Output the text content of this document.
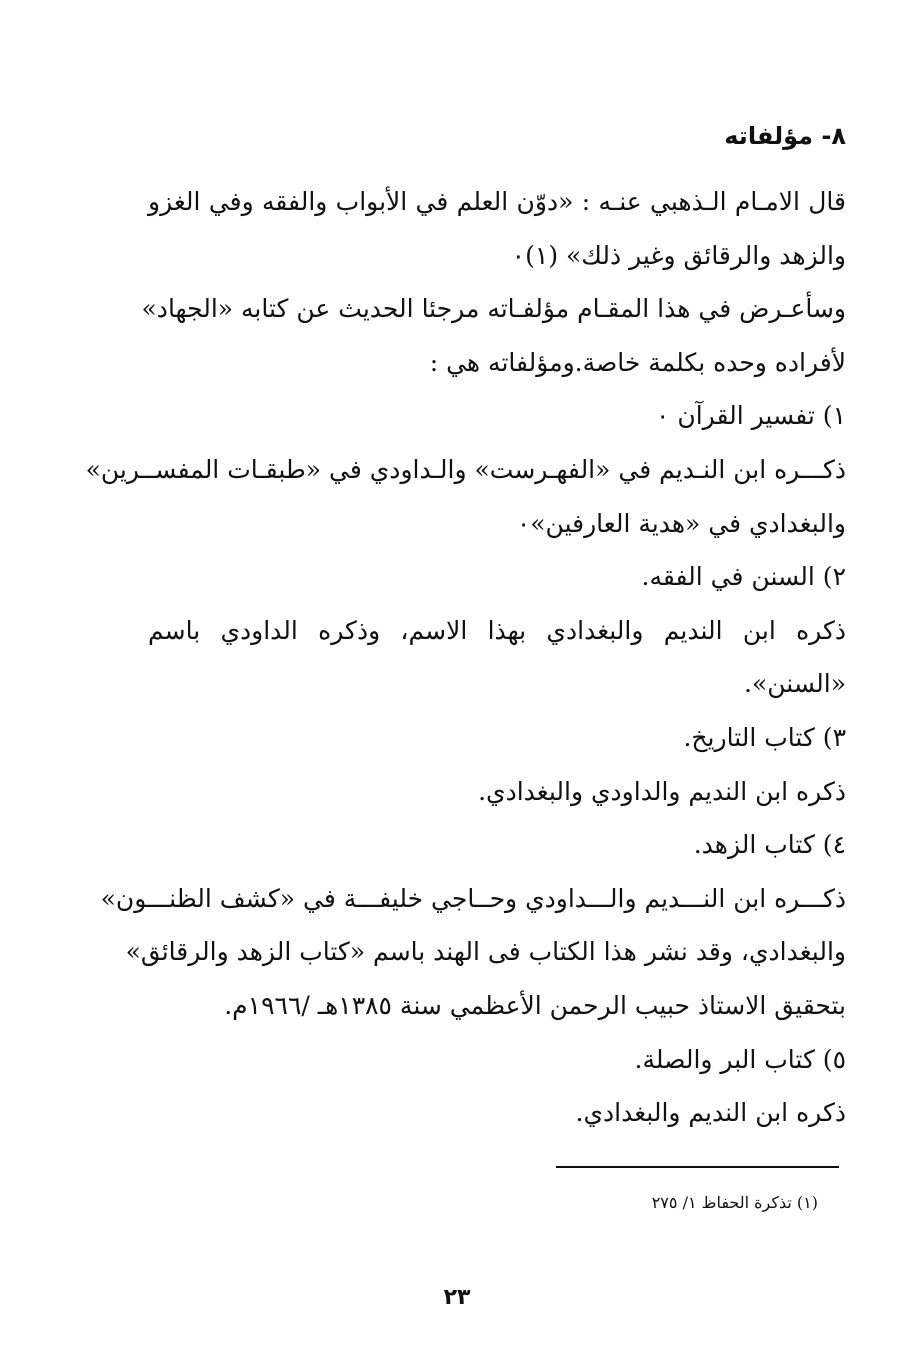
٨- مؤلفاته
قال الامـام الـذهبي عنـه : «دوّن العلم في الأبواب والفقه وفي الغزو
والزهد والرقائق وغير ذلك» (١)٠
وسأعـرض في هذا المقـام مؤلفـاته مرجئا الحديث عن كتابه «الجهاد»
لأفراده وحده بكلمة خاصة.ومؤلفاته هي :
١) تفسير القرآن ٠
ذكـــره ابن النـديم في «الفهـرست» والـداودي في «طبقـات المفســرين»
والبغدادي في «هدية العارفين»٠
٢) السنن في الفقه.
ذكره ابن النديم والبغدادي بهذا الاسم، وذكره الداودي باسم
«السنن».
٣) كتاب التاريخ.
ذكره ابن النديم والداودي والبغدادي.
٤) كتاب الزهد.
ذكـــره ابن النـــديم والـــداودي وحــاجي خليفـــة في «كشف الظنـــون»
والبغدادي، وقد نشر هذا الكتاب فى الهند باسم «كتاب الزهد والرقائق»
بتحقيق الاستاذ حبيب الرحمن الأعظمي سنة ١٣٨٥هـ /١٩٦٦م.
٥) كتاب البر والصلة.
(١) تذكرة الحفاظ ١/ ٢٧٥
٢٣
ذكره ابن النديم والبغدادي.
